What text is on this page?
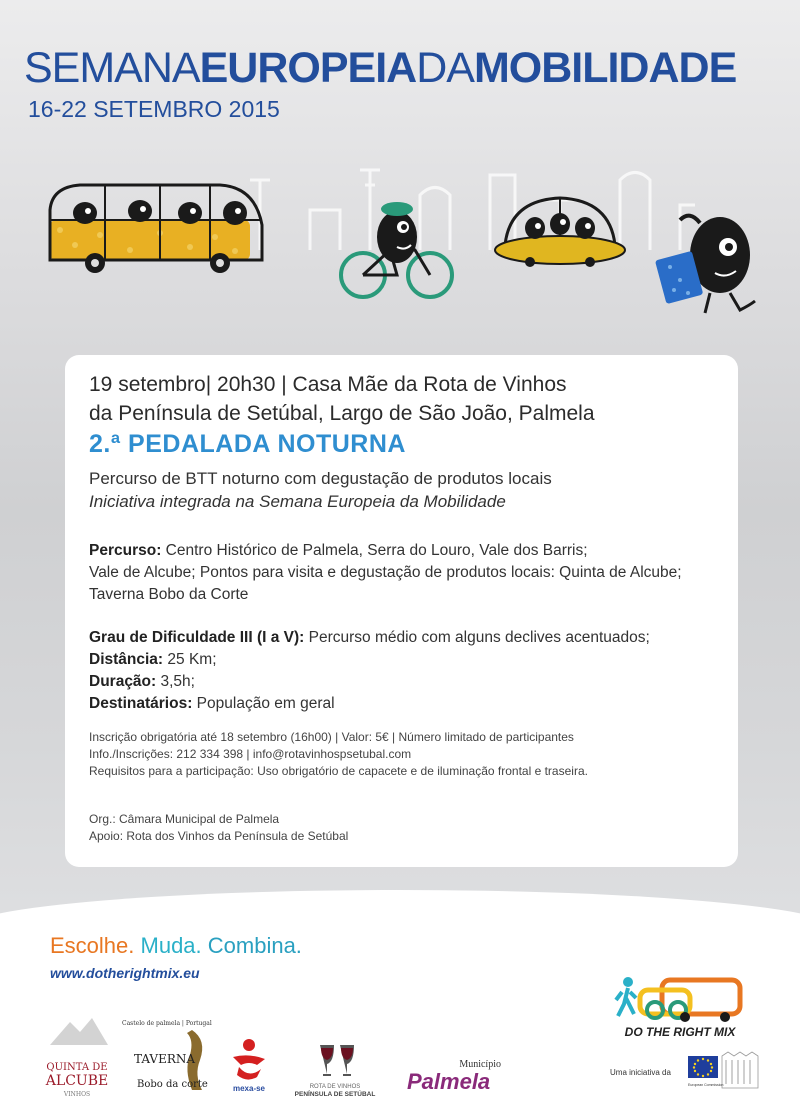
SEMANAEUROPEIADAMOBILIDADE
16-22 SETEMBRO 2015
19 setembro| 20h30 | Casa Mãe da Rota de Vinhos
da Península de Setúbal, Largo de São João, Palmela
2.ª PEDALADA NOTURNA
Percurso de BTT noturno com degustação de produtos locais
Iniciativa integrada na Semana Europeia da Mobilidade
Percurso: Centro Histórico de Palmela, Serra do Louro, Vale dos Barris;
Vale de Alcube; Pontos para visita e degustação de produtos locais: Quinta de Alcube;
Taverna Bobo da Corte
Grau de Dificuldade III (I a V): Percurso médio com alguns declives acentuados;
Distância: 25 Km;
Duração: 3,5h;
Destinatários: População em geral
Inscrição obrigatória até 18 setembro (16h00) | Valor: 5€ | Número limitado de participantes
Info./Inscrições: 212 334 398 | info@rotavinhospsetubal.com
Requisitos para a participação: Uso obrigatório de capacete e de iluminação frontal e traseira.
Org.: Câmara Municipal de Palmela
Apoio: Rota dos Vinhos da Península de Setúbal
Escolhe. Muda. Combina.
www.dotherightmix.eu
QUINTA DE
ALCUBE
VINHOS
Castelo de palmela | Portugal
TAVERNA
Bobo da corte	mexa-se	ROTA DE VINHOS
PENÍNSULA DE SETÚBAL
Município
Palmela
DO THE RIGHT MIX
Uma iniciativa da
European Commission
